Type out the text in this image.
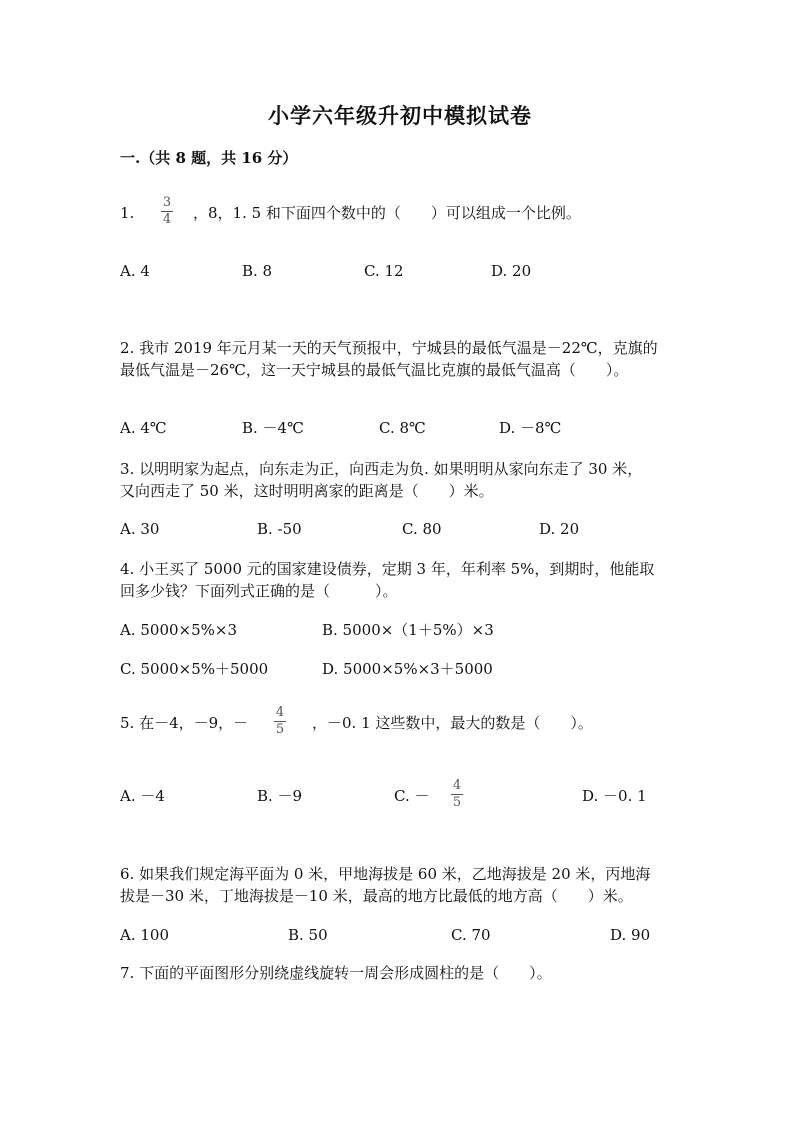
小学六年级升初中模拟试卷
一.（共 8 题，共 16 分）
1.
3
4 ，8，1. 5 和下面四个数中的（　　）可以组成一个比例。
A. 4	B. 8	C. 12	D. 20
2. 我市 2019 年元月某一天的天气预报中，宁城县的最低气温是－22℃，克旗的
最低气温是－26℃，这一天宁城县的最低气温比克旗的最低气温高（　　）。
A. 4℃	B. －4℃	C. 8℃	D. －8℃
3. 以明明家为起点，向东走为正，向西走为负. 如果明明从家向东走了 30 米，
又向西走了 50 米，这时明明离家的距离是（　　）米。
A. 30	B. -50	C. 80	D. 20
4. 小王买了 5000 元的国家建设债券，定期 3 年，年利率 5%，到期时，他能取
回多少钱？下面列式正确的是（　　　）。
A. 5000×5%×3	B. 5000×（1＋5%）×3
C. 5000×5%＋5000	D. 5000×5%×3＋5000
5. 在－4，－9，－
4
5 ，－0. 1 这些数中，最大的数是（　　）。
A. －4	B. －9	C. －
4
5	D. －0. 1
6. 如果我们规定海平面为 0 米，甲地海拔是 60 米，乙地海拔是 20 米，丙地海
拔是－30 米，丁地海拔是－10 米，最高的地方比最低的地方高（　　）米。
A. 100	B. 50	C. 70	D. 90
7. 下面的平面图形分别绕虚线旋转一周会形成圆柱的是（　　）。
